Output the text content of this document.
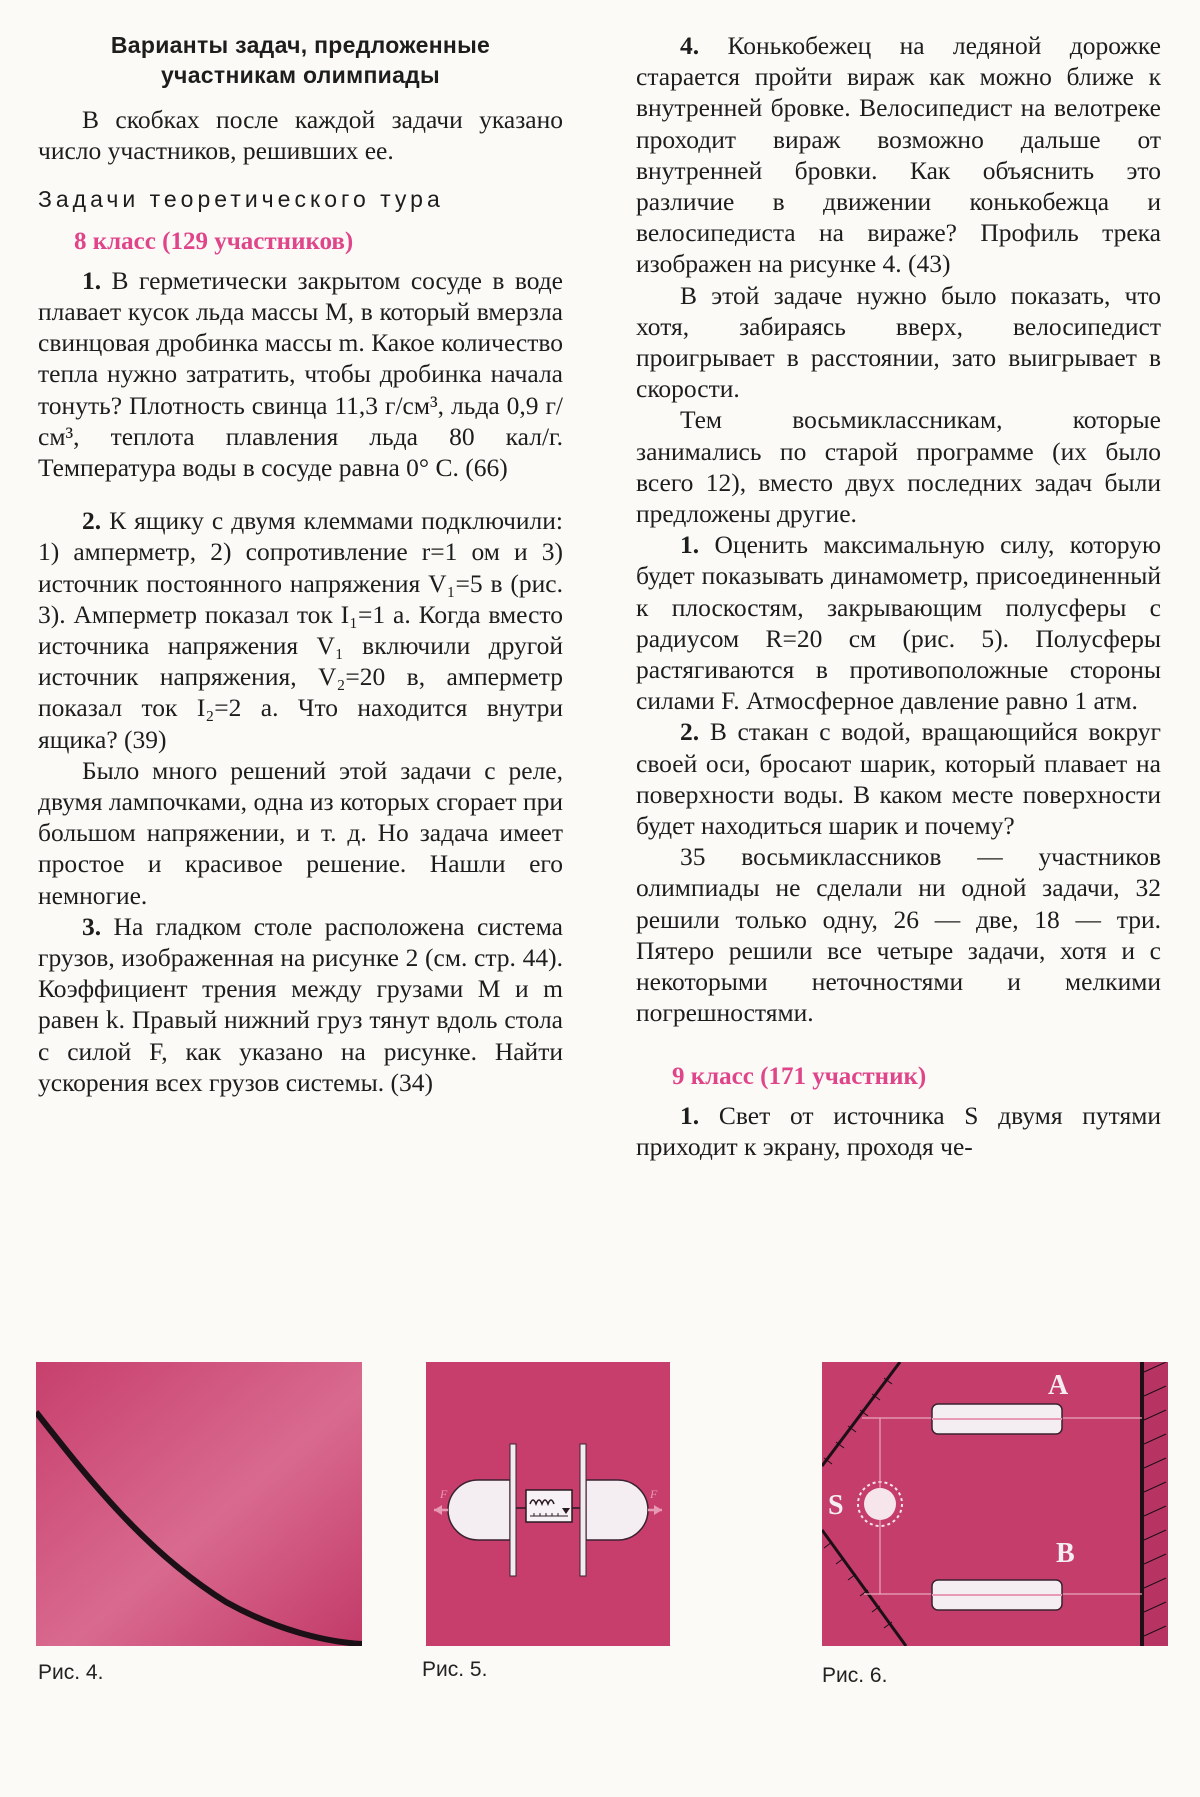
Варианты задач, предложенные
участникам олимпиады

В скобках после каждой задачи указано число участников, решивших ее.

Задачи теоретического тура

8 класс (129 участников)

1. В герметически закрытом сосуде в воде плавает кусок льда массы M, в который вмерзла свинцовая дробинка массы m. Какое количество тепла нужно затратить, чтобы дробинка начала тонуть? Плотность свинца 11,3 г/см³, льда 0,9 г/см³, теплота плавления льда 80 кал/г. Температура воды в сосуде равна 0° С. (66)

2. К ящику с двумя клеммами подключили: 1) амперметр, 2) сопротивление r=1 ом и 3) источник постоянного напряжения V₁=5 в (рис. 3). Амперметр показал ток I₁=1 а. Когда вместо источника напряжения V₁ включили другой источник напряжения, V₂=20 в, амперметр показал ток I₂=2 а. Что находится внутри ящика? (39)

Было много решений этой задачи с реле, двумя лампочками, одна из которых сгорает при большом напряжении, и т. д. Но задача имеет простое и красивое решение. Нашли его немногие.

3. На гладком столе расположена система грузов, изображенная на рисунке 2 (см. стр. 44). Коэффициент трения между грузами M и m равен k. Правый нижний груз тянут вдоль стола с силой F, как указано на рисунке. Найти ускорения всех грузов системы. (34)

4. Конькобежец на ледяной дорожке старается пройти вираж как можно ближе к внутренней бровке. Велосипедист на велотреке проходит вираж возможно дальше от внутренней бровки. Как объяснить это различие в движении конькобежца и велосипедиста на вираже? Профиль трека изображен на рисунке 4. (43)

В этой задаче нужно было показать, что хотя, забираясь вверх, велосипедист проигрывает в расстоянии, зато выигрывает в скорости.

Тем восьмиклассникам, которые занимались по старой программе (их было всего 12), вместо двух последних задач были предложены другие.

1. Оценить максимальную силу, которую будет показывать динамометр, присоединенный к плоскостям, закрывающим полусферы с радиусом R=20 см (рис. 5). Полусферы растягиваются в противоположные стороны силами F. Атмосферное давление равно 1 атм.

2. В стакан с водой, вращающийся вокруг своей оси, бросают шарик, который плавает на поверхности воды. В каком месте поверхности будет находиться шарик и почему?

35 восьмиклассников — участников олимпиады не сделали ни одной задачи, 32 решили только одну, 26 — две, 18 — три. Пятеро решили все четыре задачи, хотя и с некоторыми неточностями и мелкими погрешностями.

9 класс (171 участник)

1. Свет от источника S двумя путями приходит к экрану, проходя че-

Рис. 4.
F	F
Рис. 5.
A
B
S
Рис. 6.
